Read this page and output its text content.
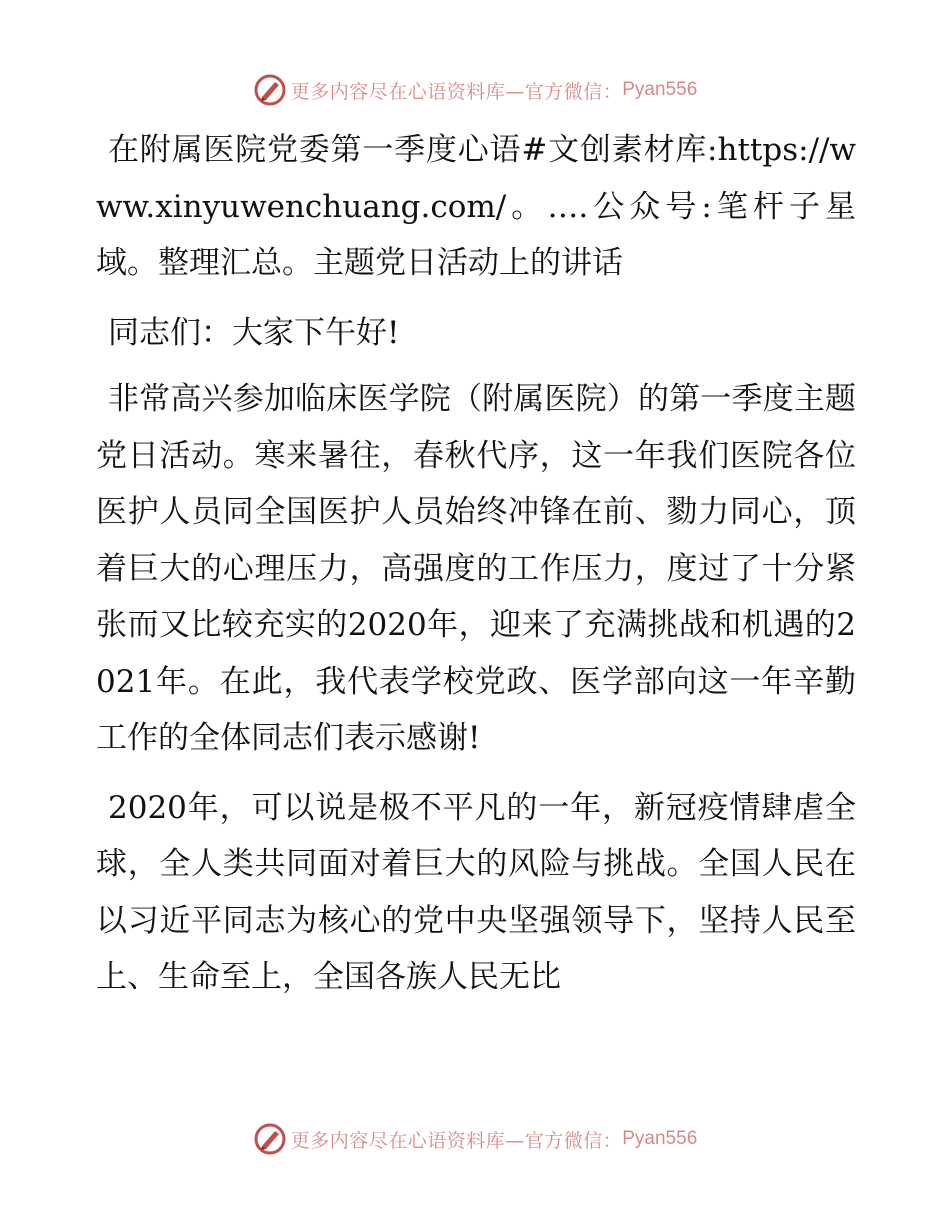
更多内容尽在心语资料库—官方微信： Pyan556

在附属医院党委第一季度心语#文创素材库:https://www.xinyuwenchuang.com/。….公众号:笔杆子星域。整理汇总。主题党日活动上的讲话

同志们：大家下午好!

非常高兴参加临床医学院（附属医院）的第一季度主题党日活动。寒来暑往，春秋代序，这一年我们医院各位医护人员同全国医护人员始终冲锋在前、勠力同心，顶着巨大的心理压力，高强度的工作压力，度过了十分紧张而又比较充实的2020年，迎来了充满挑战和机遇的2021年。在此，我代表学校党政、医学部向这一年辛勤工作的全体同志们表示感谢!

2020年，可以说是极不平凡的一年，新冠疫情肆虐全球，全人类共同面对着巨大的风险与挑战。全国人民在以习近平同志为核心的党中央坚强领导下，坚持人民至上、生命至上，全国各族人民无比

更多内容尽在心语资料库—官方微信： Pyan556
